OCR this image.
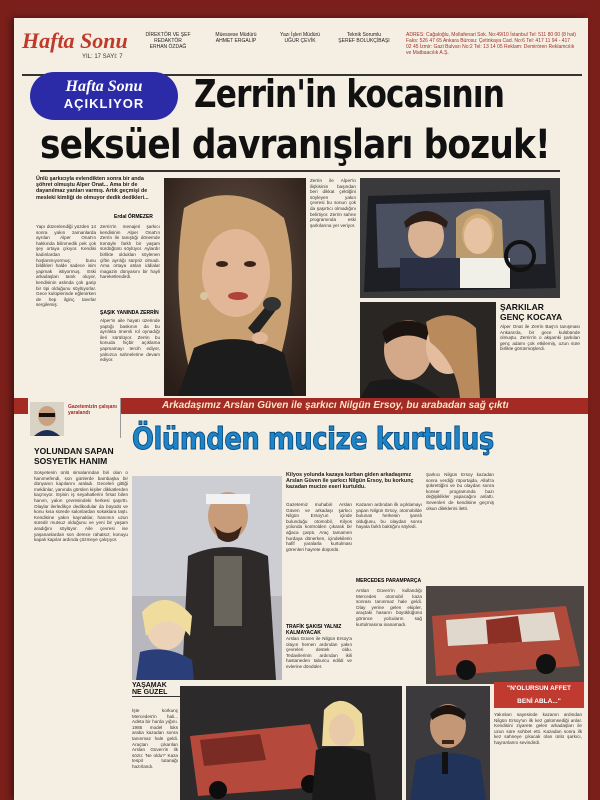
Hafta Sonu
YIL: 17 SAYI: 7
DİREKTÖR VE ŞEF REDAKTÖR
ERHAN ÖZDAĞ
Müessese Müdürü
AHMET ERGALİP
Yazı İşleri Müdürü
UĞUR ÇEVİK
Teknik Sorumlu
ŞEREF BOLUKÇİBAŞI
ADRES: Cağaloğlu, Mollafenari Sok. No:49/10 İstanbul Tel: 511 80 00 (8 hat) Faks: 526 47 65 Ankara Bürosu: Çetinkaya Cad. No:6 Tel: 417 11 94 - 417 02 45 İzmir: Gazi Bulvarı No:2 Tel: 13 14 05 Reklam: Demirören Reklamcılık ve Matbaacılık A.Ş.
Hafta Sonu
AÇIKLIYOR	Zerrin'in kocasının
seksüel davranışları bozuk!
Ünlü şarkıcıyla evlendikten sonra bir anda şöhret olmuştu Alper Onat... Ama bir de dayanılmaz yanları varmış. Artık geçmişi de mesleki kimliği de olmuyor dedik dedikleri...
Erdal ÖRMEZER
Yapı düzenlendiği yüzden 14 sonra yakın zamanlarda ayrılan Alper Onat'ın hakkında bilinmedik pek çok şey ortaya çıkıyor. Kendisi kadınlardan hoşlanmıyormuş; bunu bildikleri halde sadece isim yapmak istiyormuş. Eski arkadaşları tanık oluyor, kendisinin aslında çok garip bir tipi olduğunu söylüyorlar. Gece kulüplerinde eğlenirken de hep ilginç tavırlar sergilemiş.
Zerrin'in menajeri şarkıcı kendisinin Alper Onat'ın Zerrin ile tanıştığı dönemde tümüyle farklı bir yaşam sürdüğünü söylüyor. Aylardır birlikte oldukları söylenen çiftin ayrılığı sürpriz olmadı. Ama ortaya atılan iddialar magazin dünyasını bir hayli hareketlendirdi.
ŞAŞIK YANINDA ZERRİN
Alper'in aile hayatı üzerinde yaptığı baskının da bu ayrılıkta önemli rol oynadığı ileri sürülüyor. Zerrin bu konuda hiçbir açıklama yapmamayı tercih ediyor, yalnızca sahnelerine devam ediyor.
Zerrin ile Alper'in ilişkisinin başından beri dikkat çektiğini söyleyen yakın çevresi bu sonun çok da şaşırtıcı olmadığını belirtiyor. Zerrin sahne programında eski şarkılarına yer veriyor.
ŞARKILAR
GENÇ KOCAYA
Alper Onat ile Zerrin Baş'ın tanışması Ankara'da, bir gece kulübünde olmuştu. Zerrin'in o akşamki şarkıları genç adamı çok etkilemiş, uzun süre birlikte görünmüşlerdi.
Arkadaşımız Arslan Güven ile şarkıcı Nilgün Ersoy, bu arabadan sağ çıktı
Gazetemizin çalışanı yaralandı
Ölümden mucize kurtuluş
YOLUNDAN SAPAN
SOSYETİK HANIM
Sosyetenin ünlü simalarından biri olan o hanımefendi, son günlerde bambaşka bir dünyanın kapılarını araladı. Geceleri gittiği mekânlar, yanında görülen kişiler dikkatlerden kaçmıyor. Eşinin iş seyahatlerini fırsat bilen hanım, yakın çevresindeki herkesi şaşırttı. Olaylar ilerledikçe dedikodular da büyüdü ve konu kısa sürede salonlardan sokaklara taştı. Kendisine yakın kaynaklar, hanımın uzun süredir mutsuz olduğunu ve yeni bir yaşam aradığını söylüyor. Aile çevresi ise yaşananlardan son derece rahatsız; konuyu kapalı kapılar ardında çözmeye çalışıyor.
Kilyos yolunda kazaya kurban giden arkadaşımız Arslan Güven ile şarkıcı Nilgün Ersoy, bu korkunç kazadan mucize eseri kurtuldu.
Gazetemiz muhabiri Arslan Güven ve arkadaşı şarkıcı Nilgün Ersoy'un içinde bulunduğu otomobil, Kilyos yolunda kontrolden çıkarak bir ağaca çarptı. Araç tamamen hurdaya dönerken, içindekilerin hafif yaralarla kurtulması görenleri hayrete düşürdü.
TRAFİK ŞAKISI YALNIZ KALMAYACAK
Arslan Güven ile Nilgün Ersoy'a olayın hemen ardından yakın çevreleri destek oldu. Tedavilerinin ardından ikili hastaneden taburcu edildi ve evlerine döndüler.
Kazanın ardından ilk açıklamayı yapan Nilgün Ersoy, otomobilde bulunan herkesin şanslı olduğunu, bu olaydan sonra hayata farklı baktığını söyledi.
MERCEDES PARAMPARÇA
Arslan Güven'in kullandığı Mercedes otomobil kaza sonrası tanınmaz hale geldi. Olay yerine gelen ekipler, araçtaki hasarın büyüklüğünü görünce yolcuların sağ kurtulmasına inanamadı.
Şarkıcı Nilgün Ersoy kazadan sonra verdiği röportajda, Allah'a şükrettiğini ve bu olaydan sonra konser programında bazı değişiklikler yapacağını anlattı. Sevenleri de kendisine geçmiş olsun dileklerini iletti.
YAŞAMAK
NE GÜZEL
İşte korkunç Mercedes'in hali... Adeta bir hurda yığını. 1985 model lüks araba kazadan sonra tanınmaz hale geldi. Araçtan çıkarılan Arslan Güven'in ilk sözü: 'Ne oldu?' Kaza tespit tutanağı hazırlandı.
"N'OLURSUN AFFET
BENİ ABLA..."
Yakınları sayesinde kazanın ardından Nilgün Ersoy'un ilk kez gülümsediği anlar. Kendisini ziyarete gelen arkadaşları ile uzun süre sohbet etti. Kazadan sonra ilk kez sahneye çıkacak olan ünlü şarkıcı, hayranlarını sevindirdi.
